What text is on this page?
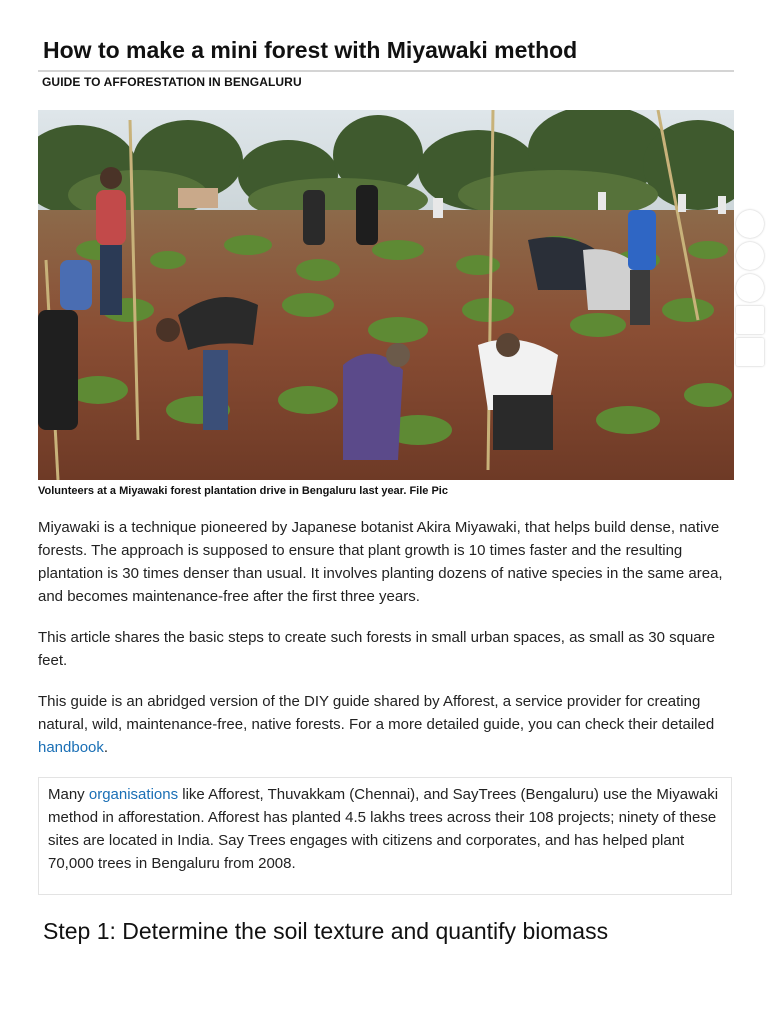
How to make a mini forest with Miyawaki method
GUIDE TO AFFORESTATION IN BENGALURU
Volunteers at a Miyawaki forest plantation drive in Bengaluru last year. File Pic

Miyawaki is a technique pioneered by Japanese botanist Akira Miyawaki, that helps build dense, native forests. The approach is supposed to ensure that plant growth is 10 times faster and the resulting plantation is 30 times denser than usual. It involves planting dozens of native species in the same area, and becomes maintenance-free after the first three years.

This article shares the basic steps to create such forests in small urban spaces, as small as 30 square feet.

This guide is an abridged version of the DIY guide shared by Afforest, a service provider for creating natural, wild, maintenance-free, native forests. For a more detailed guide, you can check their detailed handbook.

Many organisations like Afforest, Thuvakkam (Chennai), and SayTrees (Bengaluru) use the Miyawaki method in afforestation. Afforest has planted 4.5 lakhs trees across their 108 projects; ninety of these sites are located in India. Say Trees engages with citizens and corporates, and has helped plant 70,000 trees in Bengaluru from 2008.

Step 1: Determine the soil texture and quantify biomass
